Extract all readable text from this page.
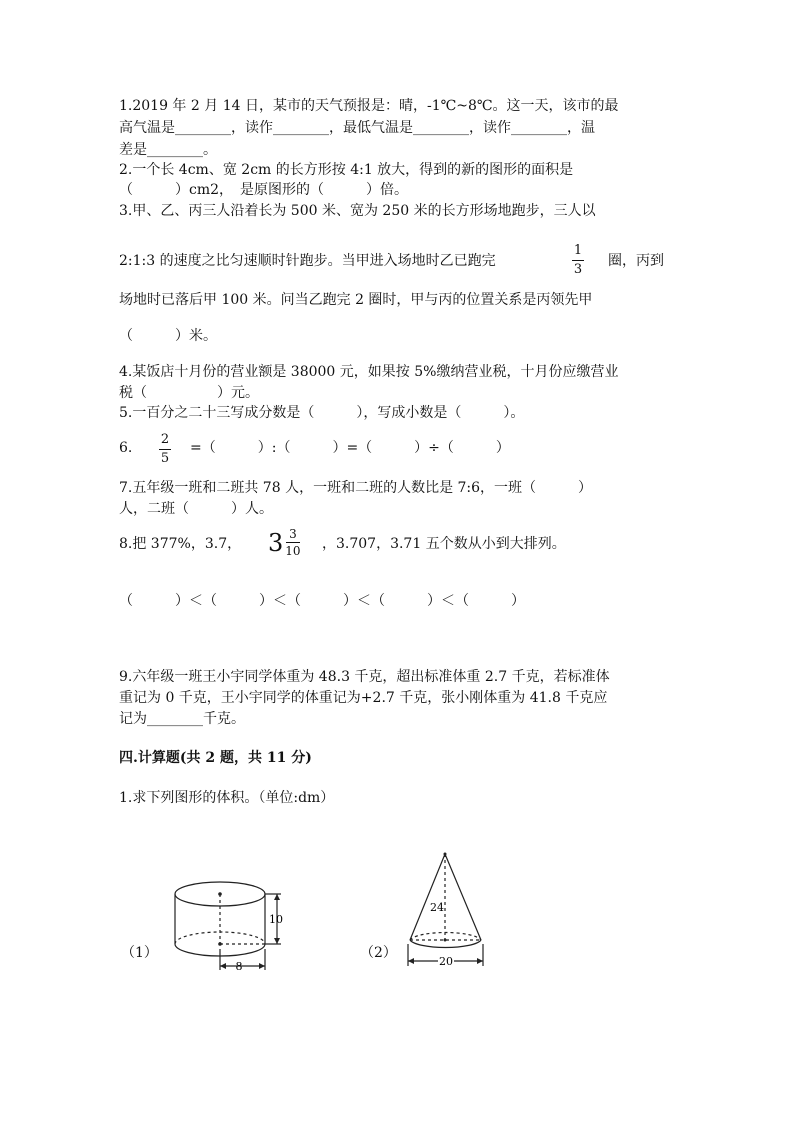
1.2019 年 2 月 14 日，某市的天气预报是：晴，-1℃~8℃。这一天，该市的最
高气温是________，读作________，最低气温是________，读作________，温
差是________。
2.一个长 4cm、宽 2cm 的长方形按 4:1 放大，得到的新的图形的面积是
（　　　）cm2，　是原图形的（　　　）倍。
3.甲、乙、丙三人沿着长为 500 米、宽为 250 米的长方形场地跑步，三人以
2:1:3 的速度之比匀速顺时针跑步。当甲进入场地时乙已跑完
1
3
圈，丙到
场地时已落后甲 100 米。问当乙跑完 2 圈时，甲与丙的位置关系是丙领先甲
（　　　）米。
4.某饭店十月份的营业额是 38000 元，如果按 5%缴纳营业税，十月份应缴营业
税（　　　　　）元。
5.一百分之二十三写成分数是（　　　），写成小数是（　　　）。
6.
2
5
=（　　　）:（　　　）=（　　　）÷（　　　）
7.五年级一班和二班共 78 人，一班和二班的人数比是 7:6，一班（　　　）
人，二班（　　　）人。
8.把 377%，3.7， $3 \frac{3}{10}$ ，3.707，3.71 五个数从小到大排列。
（　　　）＜（　　　）＜（　　　）＜（　　　）＜（　　　）
9.六年级一班王小宇同学体重为 48.3 千克，超出标准体重 2.7 千克，若标准体
重记为 0 千克，王小宇同学的体重记为+2.7 千克，张小刚体重为 41.8 千克应
记为________千克。
四.计算题(共 2 题，共 11 分)
1.求下列图形的体积。（单位:dm）
（1）
10
8
（2）
24
20
